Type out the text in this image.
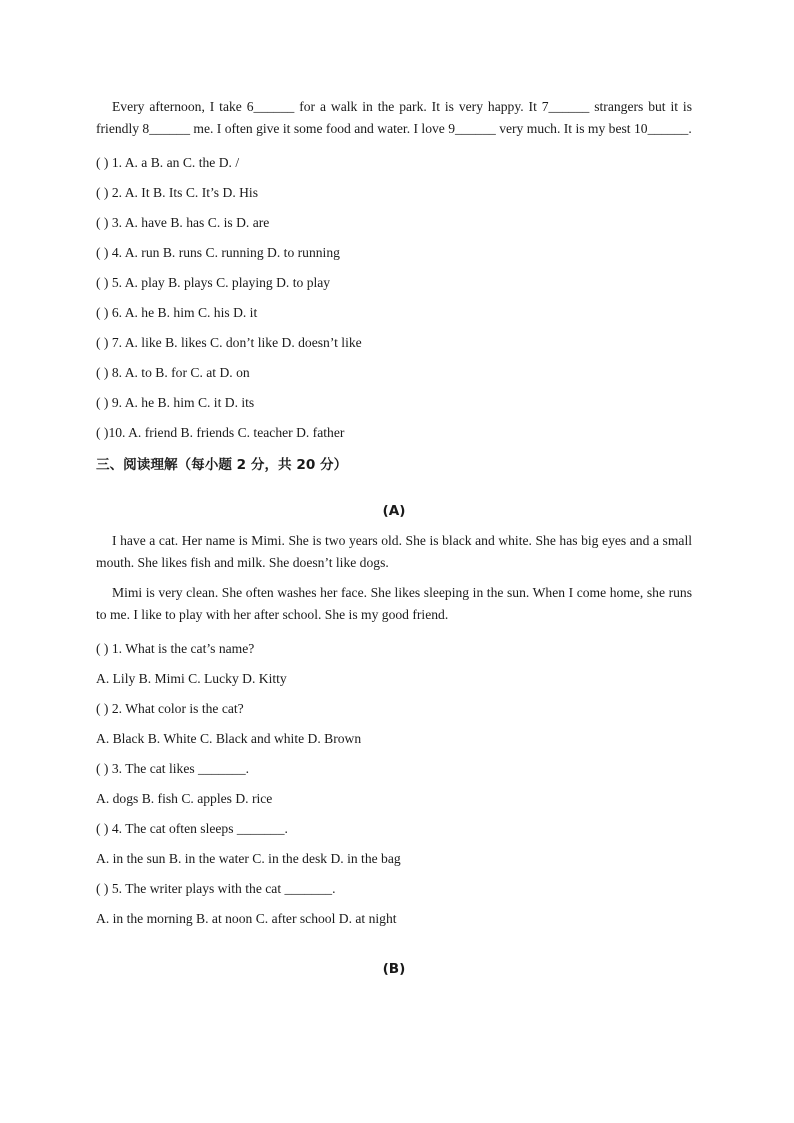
Every afternoon, I take 6______ for a walk in the park. It is very happy. It 7______ strangers but it is friendly 8______ me. I often give it some food and water. I love 9______ very much. It is my best 10______.

( ) 1. A. a B. an C. the D. /
( ) 2. A. It B. Its C. It’s D. His
( ) 3. A. have B. has C. is D. are
( ) 4. A. run B. runs C. running D. to running
( ) 5. A. play B. plays C. playing D. to play
( ) 6. A. he B. him C. his D. it
( ) 7. A. like B. likes C. don’t like D. doesn’t like
( ) 8. A. to B. for C. at D. on
( ) 9. A. he B. him C. it D. its
( )10. A. friend B. friends C. teacher D. father
三、阅读理解（每小题 2 分，共 20 分）
(A)

I have a cat. Her name is Mimi. She is two years old. She is black and white. She has big eyes and a small mouth. She likes fish and milk. She doesn’t like dogs.

Mimi is very clean. She often washes her face. She likes sleeping in the sun. When I come home, she runs to me. I like to play with her after school. She is my good friend.

( ) 1. What is the cat’s name?
A. Lily B. Mimi C. Lucky D. Kitty
( ) 2. What color is the cat?
A. Black B. White C. Black and white D. Brown
( ) 3. The cat likes _______.
A. dogs B. fish C. apples D. rice
( ) 4. The cat often sleeps _______.
A. in the sun B. in the water C. in the desk D. in the bag
( ) 5. The writer plays with the cat _______.
A. in the morning B. at noon C. after school D. at night
(B)
